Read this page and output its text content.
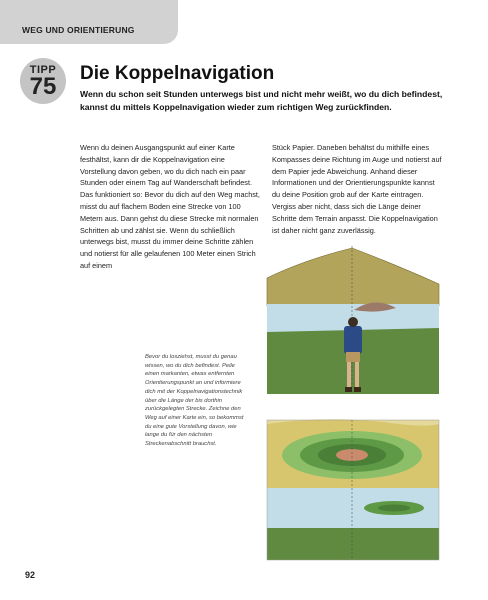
WEG UND ORIENTIERUNG
TIPP
75	Die Koppelnavigation

Wenn du schon seit Stunden unterwegs bist und nicht mehr weißt, wo du dich befindest, kannst du mittels Koppelnavigation wieder zum richtigen Weg zurückfinden.

Wenn du deinen Ausgangspunkt auf einer Karte festhältst, kann dir die Koppelnavigation eine Vorstellung davon geben, wo du dich nach ein paar Stunden oder einem Tag auf Wanderschaft befindest. Das funktioniert so: Bevor du dich auf den Weg machst, misst du auf flachem Boden eine Strecke von 100 Metern aus. Dann gehst du diese Strecke mit normalen Schritten ab und zählst sie. Wenn du schließlich unterwegs bist, musst du immer deine Schritte zählen und notierst für alle gelaufenen 100 Meter einen Strich auf einem

Stück Papier. Daneben behältst du mithilfe eines Kompasses deine Richtung im Auge und notierst auf dem Papier jede Abweichung. Anhand dieser Informationen und der Orientierungspunkte kannst du deine Position grob auf der Karte eintragen. Vergiss aber nicht, dass sich die Länge deiner Schritte dem Terrain anpasst. Die Koppelnavigation ist daher nicht ganz zuverlässig.

Bevor du losziehst, musst du genau wissen, wo du dich befindest. Peile einen markanten, etwas entfernten Orientierungspunkt an und informiere dich mit der Koppelnavigationstechnik über die Länge der bis dorthin zurückgelegten Strecke. Zeichne den Weg auf einer Karte ein, so bekommst du eine gute Vorstellung davon, wie lange du für den nächsten Streckenabschnitt brauchst.

92
